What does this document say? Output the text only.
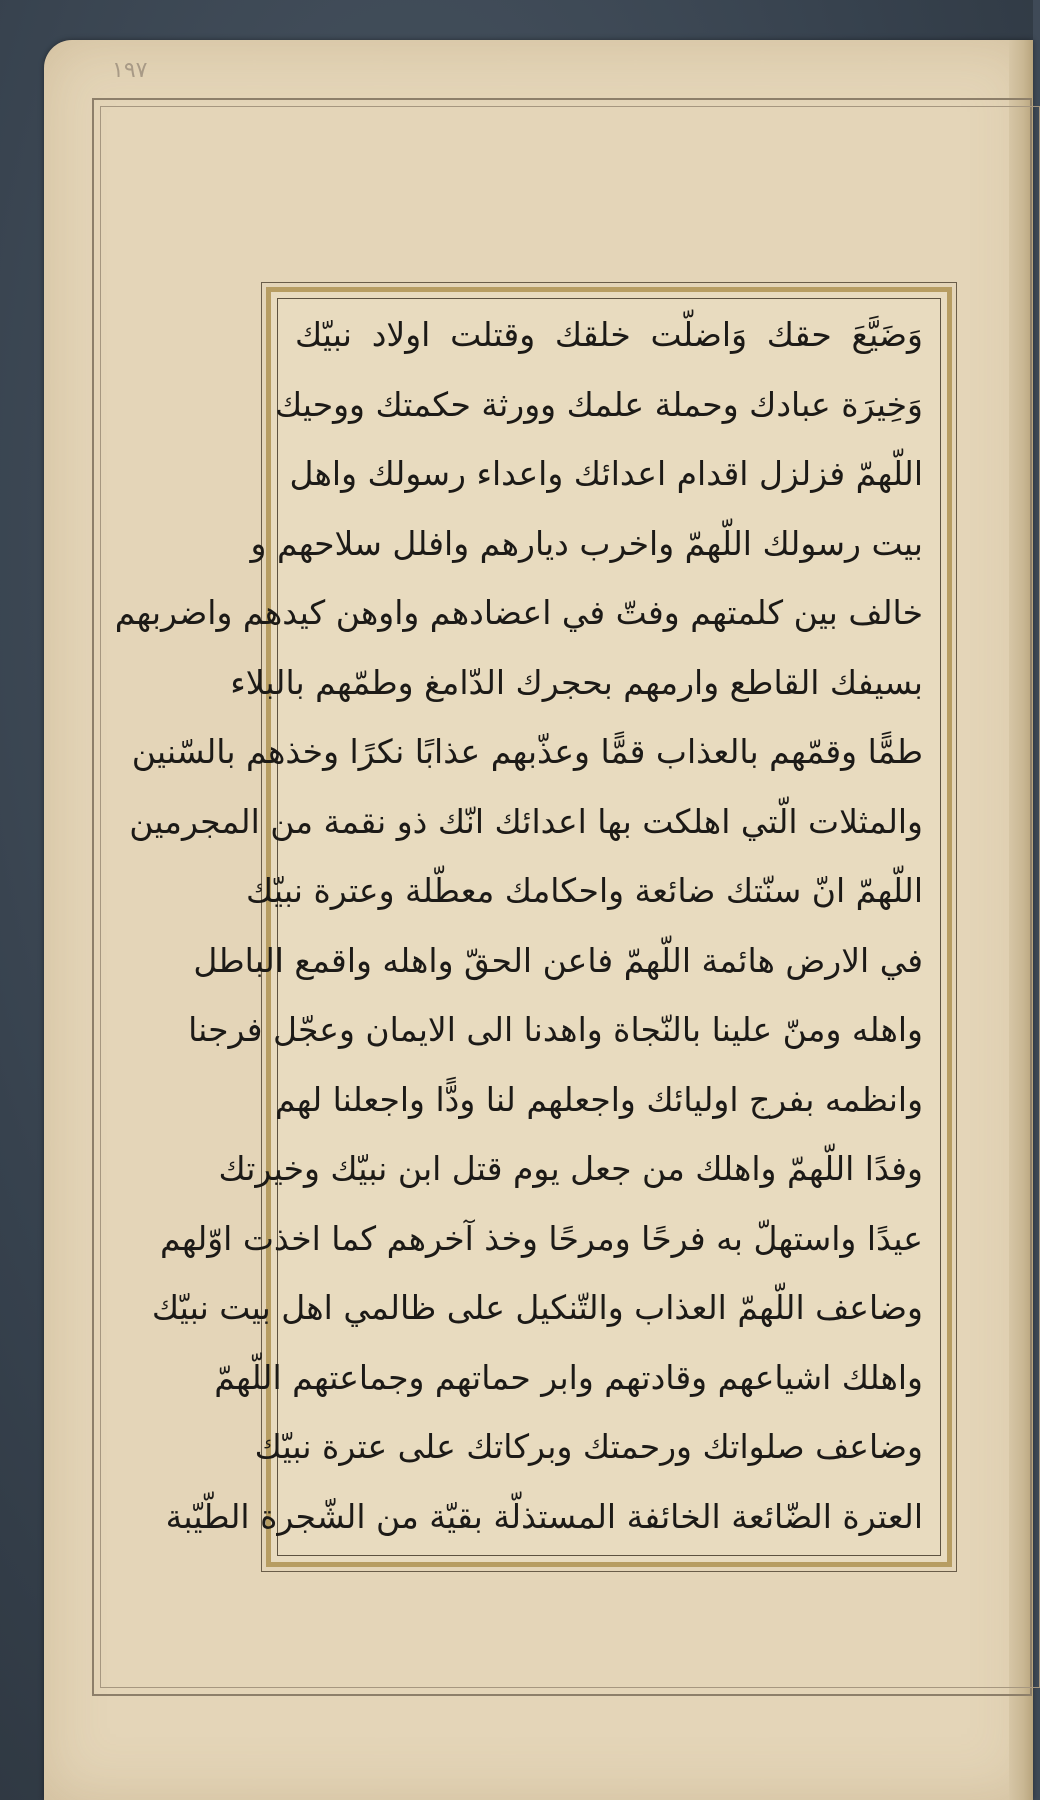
١٩٧
وَضَيَّعَ حقك وَاضلّت خلقك وقتلت اولاد نبيّك
وَخِيرَة عبادك وحملة علمك وورثة حكمتك ووحيك
اللّهمّ فزلزل اقدام اعدائك واعداء رسولك واهل
بيت رسولك اللّهمّ واخرب ديارهم وافلل سلاحهم و
خالف بين كلمتهم وفتّ في اعضادهم واوهن كيدهم واضربهم
بسيفك القاطع وارمهم بحجرك الدّامغ وطمّهم بالبلاء
طمًّا وقمّهم بالعذاب قمًّا وعذّبهم عذابًا نكرًا وخذهم بالسّنين
والمثلات الّتي اهلكت بها اعدائك انّك ذو نقمة من المجرمين
اللّهمّ انّ سنّتك ضائعة واحكامك معطّلة وعترة نبيّك
في الارض هائمة اللّهمّ فاعن الحقّ واهله واقمع الباطل
واهله ومنّ علينا بالنّجاة واهدنا الى الايمان وعجّل فرجنا
وانظمه بفرج اوليائك واجعلهم لنا ودًّا واجعلنا لهم
وفدًا اللّهمّ واهلك من جعل يوم قتل ابن نبيّك وخيرتك
عيدًا واستهلّ به فرحًا ومرحًا وخذ آخرهم كما اخذت اوّلهم
وضاعف اللّهمّ العذاب والتّنكيل على ظالمي اهل بيت نبيّك
واهلك اشياعهم وقادتهم وابر حماتهم وجماعتهم اللّهمّ
وضاعف صلواتك ورحمتك وبركاتك على عترة نبيّك
العترة الضّائعة الخائفة المستذلّة بقيّة من الشّجرة الطّيّبة
